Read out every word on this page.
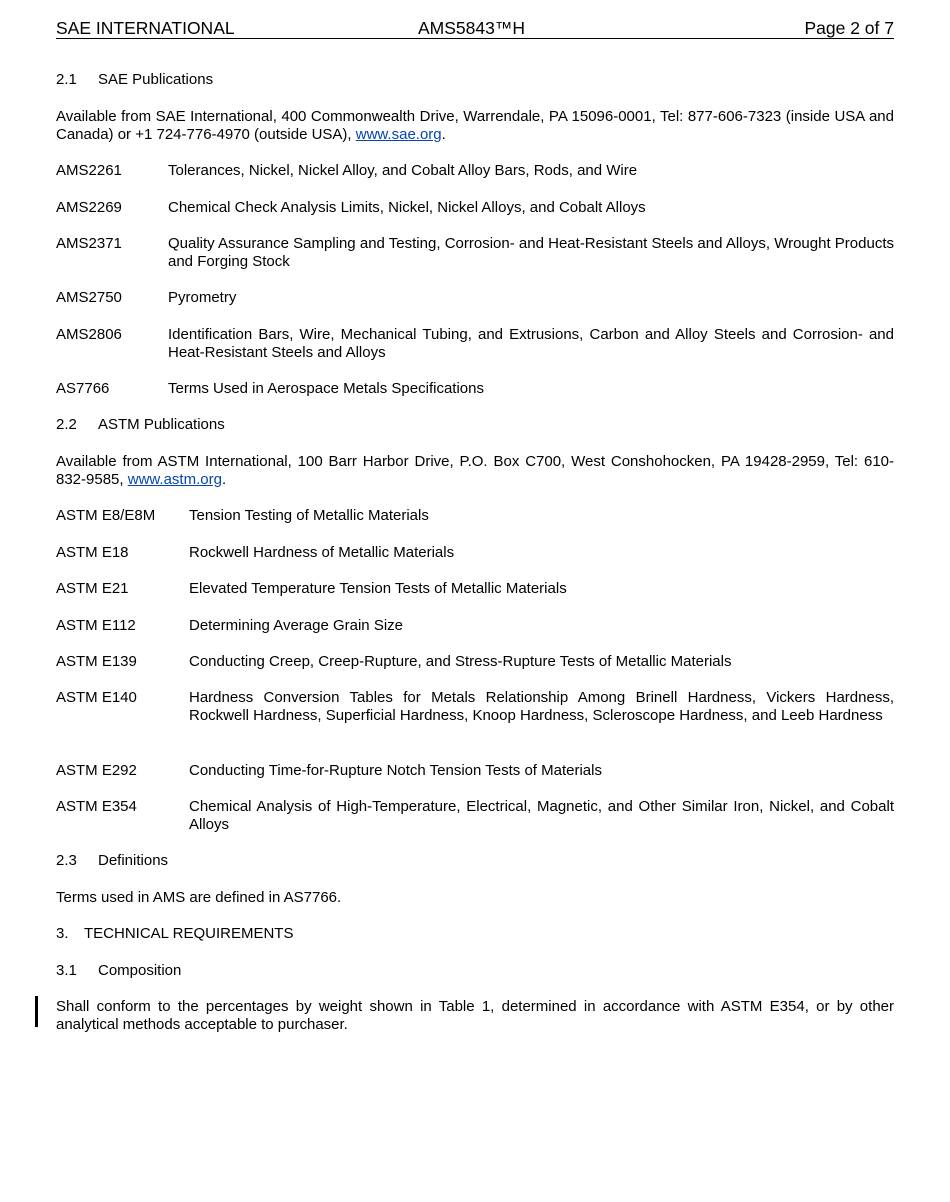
SAE INTERNATIONAL	AMS5843™H	Page 2 of 7
2.1 SAE Publications
Available from SAE International, 400 Commonwealth Drive, Warrendale, PA 15096-0001, Tel: 877-606-7323 (inside USA and Canada) or +1 724-776-4970 (outside USA), www.sae.org.
AMS2261	Tolerances, Nickel, Nickel Alloy, and Cobalt Alloy Bars, Rods, and Wire
AMS2269	Chemical Check Analysis Limits, Nickel, Nickel Alloys, and Cobalt Alloys
AMS2371	Quality Assurance Sampling and Testing, Corrosion- and Heat-Resistant Steels and Alloys, Wrought Products and Forging Stock
AMS2750	Pyrometry
AMS2806	Identification Bars, Wire, Mechanical Tubing, and Extrusions, Carbon and Alloy Steels and Corrosion- and Heat-Resistant Steels and Alloys
AS7766	Terms Used in Aerospace Metals Specifications
2.2 ASTM Publications
Available from ASTM International, 100 Barr Harbor Drive, P.O. Box C700, West Conshohocken, PA 19428-2959, Tel: 610-832-9585, www.astm.org.
ASTM E8/E8M Tension Testing of Metallic Materials
ASTM E18	Rockwell Hardness of Metallic Materials
ASTM E21	Elevated Temperature Tension Tests of Metallic Materials
ASTM E112	Determining Average Grain Size
ASTM E139	Conducting Creep, Creep-Rupture, and Stress-Rupture Tests of Metallic Materials
ASTM E140	Hardness Conversion Tables for Metals Relationship Among Brinell Hardness, Vickers Hardness, Rockwell Hardness, Superficial Hardness, Knoop Hardness, Scleroscope Hardness, and Leeb Hardness
ASTM E292	Conducting Time-for-Rupture Notch Tension Tests of Materials
ASTM E354	Chemical Analysis of High-Temperature, Electrical, Magnetic, and Other Similar Iron, Nickel, and Cobalt Alloys
2.3 Definitions
Terms used in AMS are defined in AS7766.
3. TECHNICAL REQUIREMENTS
3.1 Composition
Shall conform to the percentages by weight shown in Table 1, determined in accordance with ASTM E354, or by other analytical methods acceptable to purchaser.
